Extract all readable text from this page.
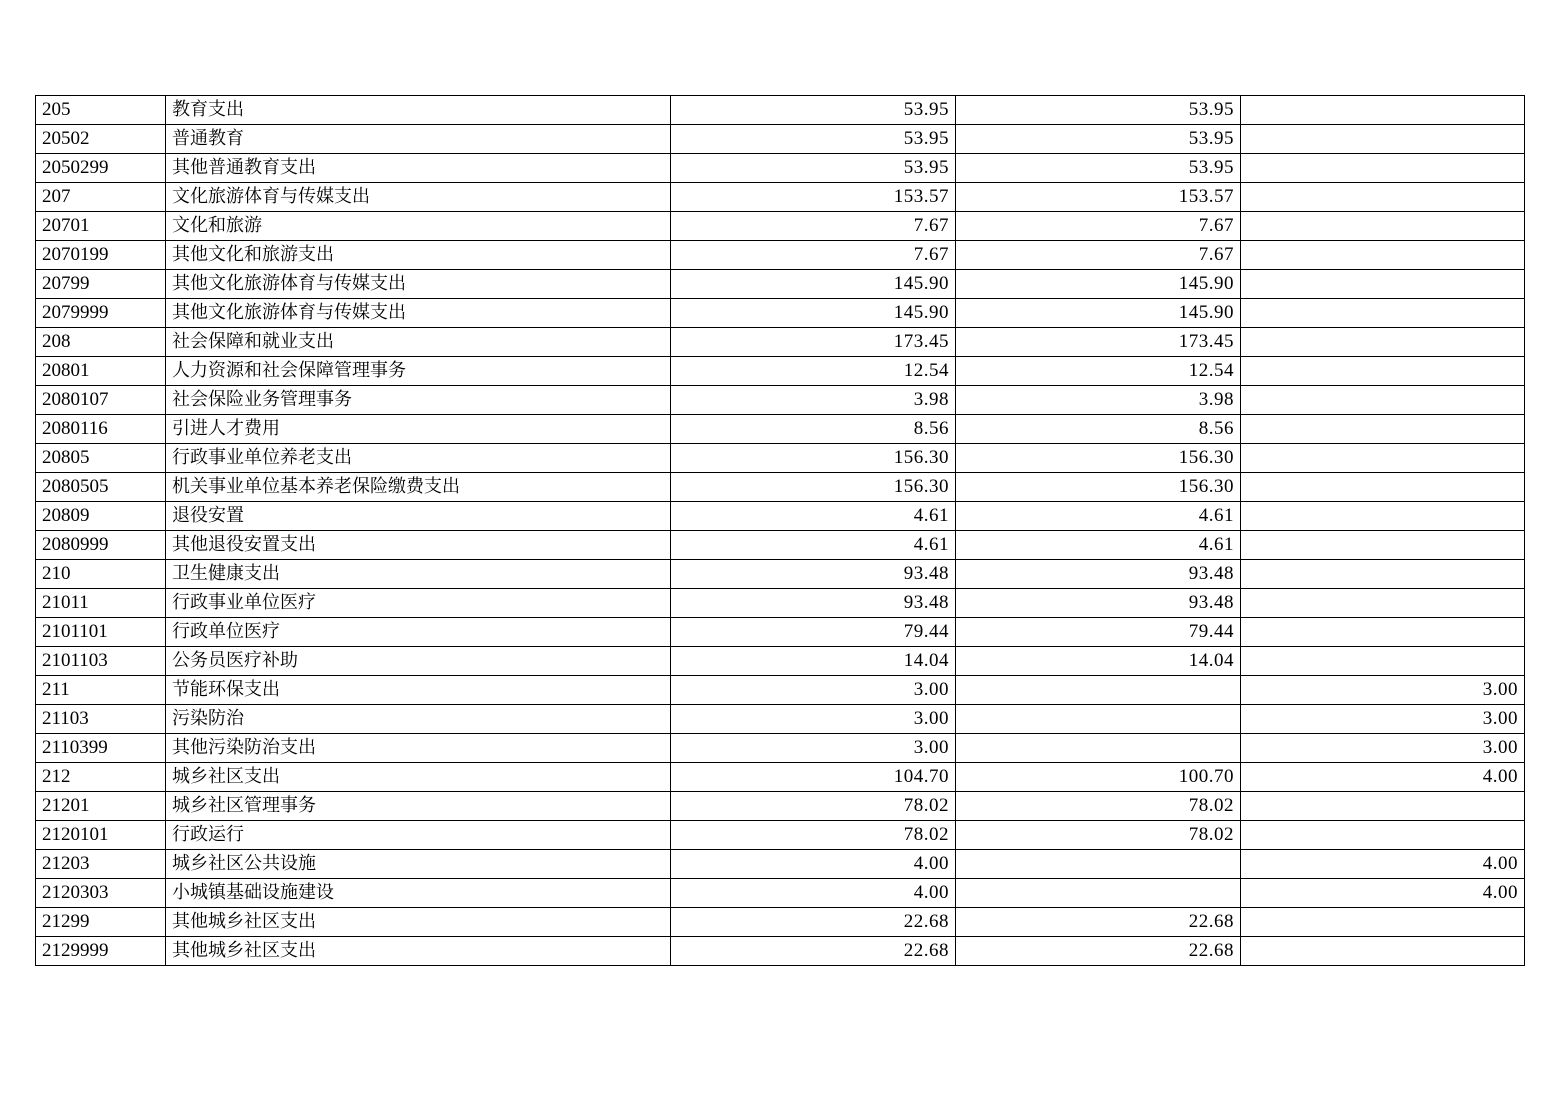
205	教育支出	53.95	53.95	
20502	普通教育	53.95	53.95	
2050299	其他普通教育支出	53.95	53.95	
207	文化旅游体育与传媒支出	153.57	153.57	
20701	文化和旅游	7.67	7.67	
2070199	其他文化和旅游支出	7.67	7.67	
20799	其他文化旅游体育与传媒支出	145.90	145.90	
2079999	其他文化旅游体育与传媒支出	145.90	145.90	
208	社会保障和就业支出	173.45	173.45	
20801	人力资源和社会保障管理事务	12.54	12.54	
2080107	社会保险业务管理事务	3.98	3.98	
2080116	引进人才费用	8.56	8.56	
20805	行政事业单位养老支出	156.30	156.30	
2080505	机关事业单位基本养老保险缴费支出	156.30	156.30	
20809	退役安置	4.61	4.61	
2080999	其他退役安置支出	4.61	4.61	
210	卫生健康支出	93.48	93.48	
21011	行政事业单位医疗	93.48	93.48	
2101101	行政单位医疗	79.44	79.44	
2101103	公务员医疗补助	14.04	14.04	
211	节能环保支出	3.00		3.00
21103	污染防治	3.00		3.00
2110399	其他污染防治支出	3.00		3.00
212	城乡社区支出	104.70	100.70	4.00
21201	城乡社区管理事务	78.02	78.02	
2120101	行政运行	78.02	78.02	
21203	城乡社区公共设施	4.00		4.00
2120303	小城镇基础设施建设	4.00		4.00
21299	其他城乡社区支出	22.68	22.68	
2129999	其他城乡社区支出	22.68	22.68	
